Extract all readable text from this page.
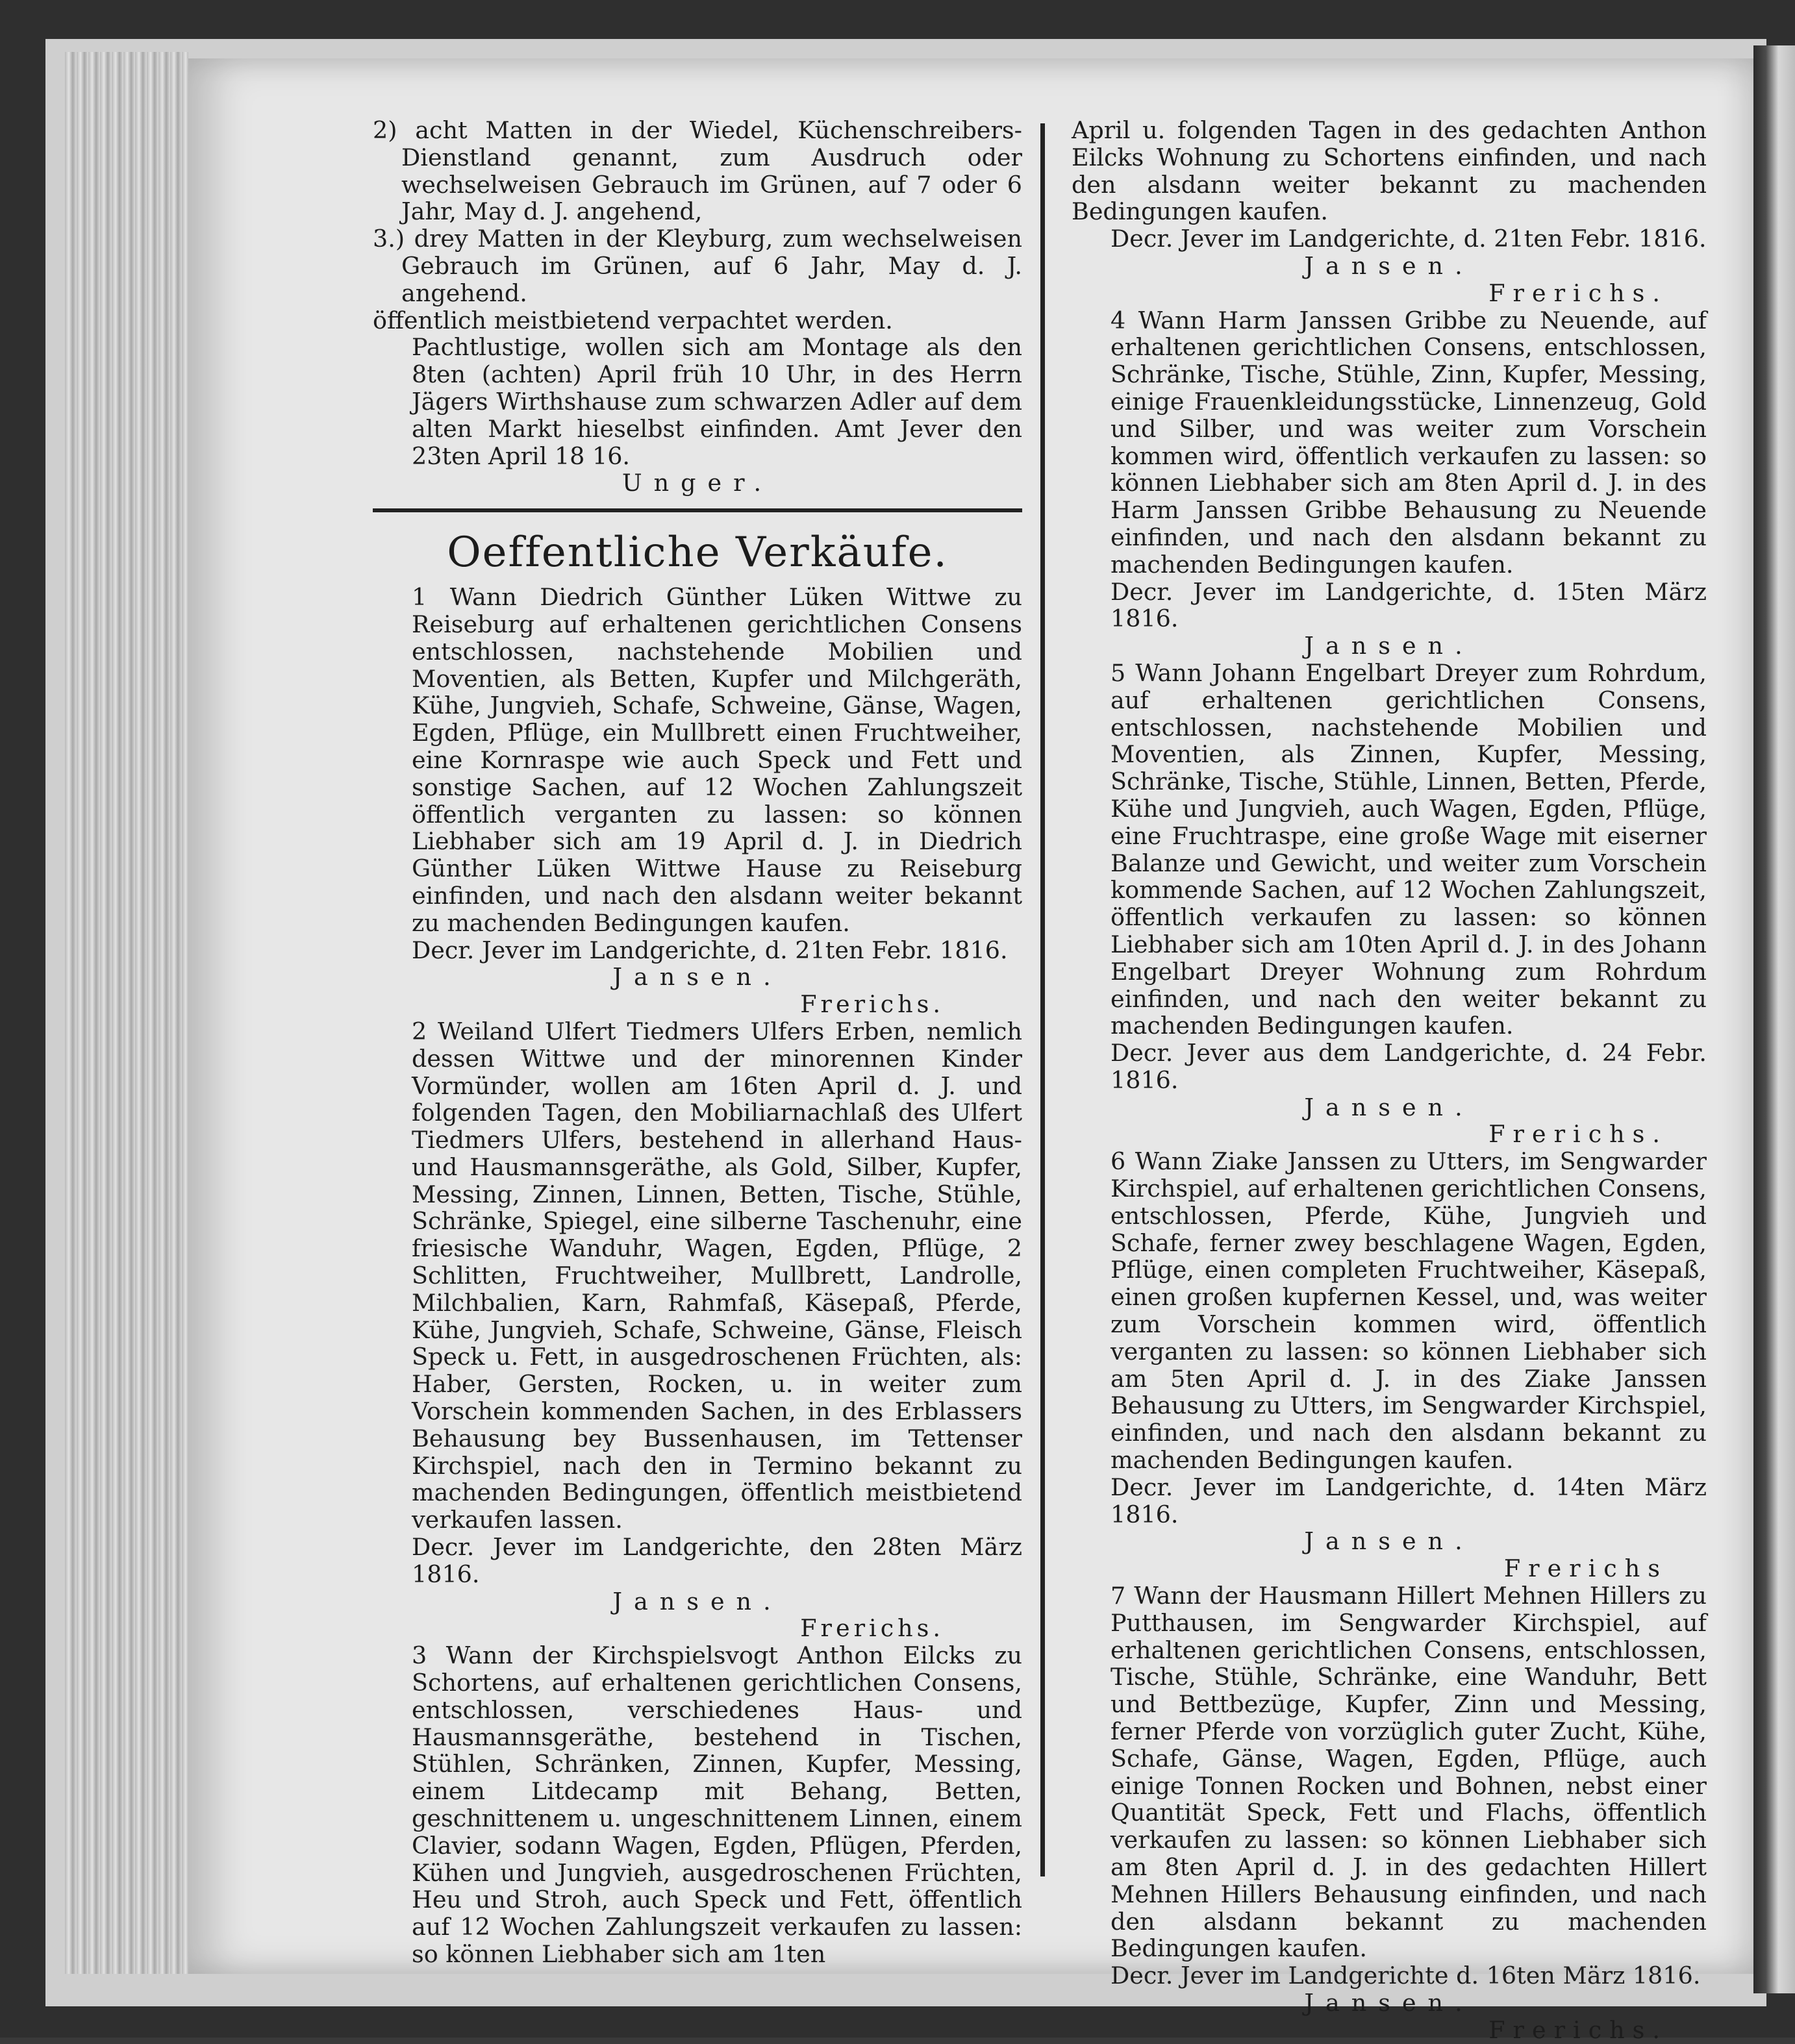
2) acht Matten in der Wiedel, Küchenschreibers-Dienstland genannt, zum Ausdruch oder wechselweisen Gebrauch im Grünen, auf 7 oder 6 Jahr, May d. J. angehend,

3.) drey Matten in der Kleyburg, zum wechselweisen Gebrauch im Grünen, auf 6 Jahr, May d. J. angehend.

öffentlich meistbietend verpachtet werden.

Pachtlustige, wollen sich am Montage als den 8ten (achten) April früh 10 Uhr, in des Herrn Jägers Wirthshause zum schwarzen Adler auf dem alten Markt hieselbst einfinden. Amt Jever den 23ten April 18 16.

Unger.

Oeffentliche Verkäufe.

1 Wann Diedrich Günther Lüken Wittwe zu Reiseburg auf erhaltenen gerichtlichen Consens entschlossen, nachstehende Mobilien und Moventien, als Betten, Kupfer und Milchgeräth, Kühe, Jungvieh, Schafe, Schweine, Gänse, Wagen, Egden, Pflüge, ein Mullbrett einen Fruchtweiher, eine Kornraspe wie auch Speck und Fett und sonstige Sachen, auf 12 Wochen Zahlungszeit öffentlich verganten zu lassen: so können Liebhaber sich am 19 April d. J. in Diedrich Günther Lüken Wittwe Hause zu Reiseburg einfinden, und nach den alsdann weiter bekannt zu machenden Bedingungen kaufen.

Decr. Jever im Landgerichte, d. 21ten Febr. 1816.

Jansen.

Frerichs.

2 Weiland Ulfert Tiedmers Ulfers Erben, nemlich dessen Wittwe und der minorennen Kinder Vormünder, wollen am 16ten April d. J. und folgenden Tagen, den Mobiliarnachlaß des Ulfert Tiedmers Ulfers, bestehend in allerhand Haus- und Hausmannsgeräthe, als Gold, Silber, Kupfer, Messing, Zinnen, Linnen, Betten, Tische, Stühle, Schränke, Spiegel, eine silberne Taschenuhr, eine friesische Wanduhr, Wagen, Egden, Pflüge, 2 Schlitten, Fruchtweiher, Mullbrett, Landrolle, Milchbalien, Karn, Rahmfaß, Käsepaß, Pferde, Kühe, Jungvieh, Schafe, Schweine, Gänse, Fleisch Speck u. Fett, in ausgedroschenen Früchten, als: Haber, Gersten, Rocken, u. in weiter zum Vorschein kommenden Sachen, in des Erblassers Behausung bey Bussenhausen, im Tettenser Kirchspiel, nach den in Termino bekannt zu machenden Bedingungen, öffentlich meistbietend verkaufen lassen.

Decr. Jever im Landgerichte, den 28ten März 1816.

Jansen.

Frerichs.

3 Wann der Kirchspielsvogt Anthon Eilcks zu Schortens, auf erhaltenen gerichtlichen Consens, entschlossen, verschiedenes Haus- und Hausmannsgeräthe, bestehend in Tischen, Stühlen, Schränken, Zinnen, Kupfer, Messing, einem Litdecamp mit Behang, Betten, geschnittenem u. ungeschnittenem Linnen, einem Clavier, sodann Wagen, Egden, Pflügen, Pferden, Kühen und Jungvieh, ausgedroschenen Früchten, Heu und Stroh, auch Speck und Fett, öffentlich auf 12 Wochen Zahlungszeit verkaufen zu lassen: so können Liebhaber sich am 1ten

April u. folgenden Tagen in des gedachten Anthon Eilcks Wohnung zu Schortens einfinden, und nach den alsdann weiter bekannt zu machenden Bedingungen kaufen.

Decr. Jever im Landgerichte, d. 21ten Febr. 1816.

Jansen.

Frerichs.

4 Wann Harm Janssen Gribbe zu Neuende, auf erhaltenen gerichtlichen Consens, entschlossen, Schränke, Tische, Stühle, Zinn, Kupfer, Messing, einige Frauenkleidungsstücke, Linnenzeug, Gold und Silber, und was weiter zum Vorschein kommen wird, öffentlich verkaufen zu lassen: so können Liebhaber sich am 8ten April d. J. in des Harm Janssen Gribbe Behausung zu Neuende einfinden, und nach den alsdann bekannt zu machenden Bedingungen kaufen.

Decr. Jever im Landgerichte, d. 15ten März 1816.

Jansen.

5 Wann Johann Engelbart Dreyer zum Rohrdum, auf erhaltenen gerichtlichen Consens, entschlossen, nachstehende Mobilien und Moventien, als Zinnen, Kupfer, Messing, Schränke, Tische, Stühle, Linnen, Betten, Pferde, Kühe und Jungvieh, auch Wagen, Egden, Pflüge, eine Fruchtraspe, eine große Wage mit eiserner Balanze und Gewicht, und weiter zum Vorschein kommende Sachen, auf 12 Wochen Zahlungszeit, öffentlich verkaufen zu lassen: so können Liebhaber sich am 10ten April d. J. in des Johann Engelbart Dreyer Wohnung zum Rohrdum einfinden, und nach den weiter bekannt zu machenden Bedingungen kaufen.

Decr. Jever aus dem Landgerichte, d. 24 Febr. 1816.

Jansen.

Frerichs.

6 Wann Ziake Janssen zu Utters, im Sengwarder Kirchspiel, auf erhaltenen gerichtlichen Consens, entschlossen, Pferde, Kühe, Jungvieh und Schafe, ferner zwey beschlagene Wagen, Egden, Pflüge, einen completen Fruchtweiher, Käsepaß, einen großen kupfernen Kessel, und, was weiter zum Vorschein kommen wird, öffentlich verganten zu lassen: so können Liebhaber sich am 5ten April d. J. in des Ziake Janssen Behausung zu Utters, im Sengwarder Kirchspiel, einfinden, und nach den alsdann bekannt zu machenden Bedingungen kaufen.

Decr. Jever im Landgerichte, d. 14ten März 1816.

Jansen.

Frerichs

7 Wann der Hausmann Hillert Mehnen Hillers zu Putthausen, im Sengwarder Kirchspiel, auf erhaltenen gerichtlichen Consens, entschlossen, Tische, Stühle, Schränke, eine Wanduhr, Bett und Bettbezüge, Kupfer, Zinn und Messing, ferner Pferde von vorzüglich guter Zucht, Kühe, Schafe, Gänse, Wagen, Egden, Pflüge, auch einige Tonnen Rocken und Bohnen, nebst einer Quantität Speck, Fett und Flachs, öffentlich verkaufen zu lassen: so können Liebhaber sich am 8ten April d. J. in des gedachten Hillert Mehnen Hillers Behausung einfinden, und nach den alsdann bekannt zu machenden Bedingungen kaufen.

Decr. Jever im Landgerichte d. 16ten März 1816.

Jansen.

Frerichs.
